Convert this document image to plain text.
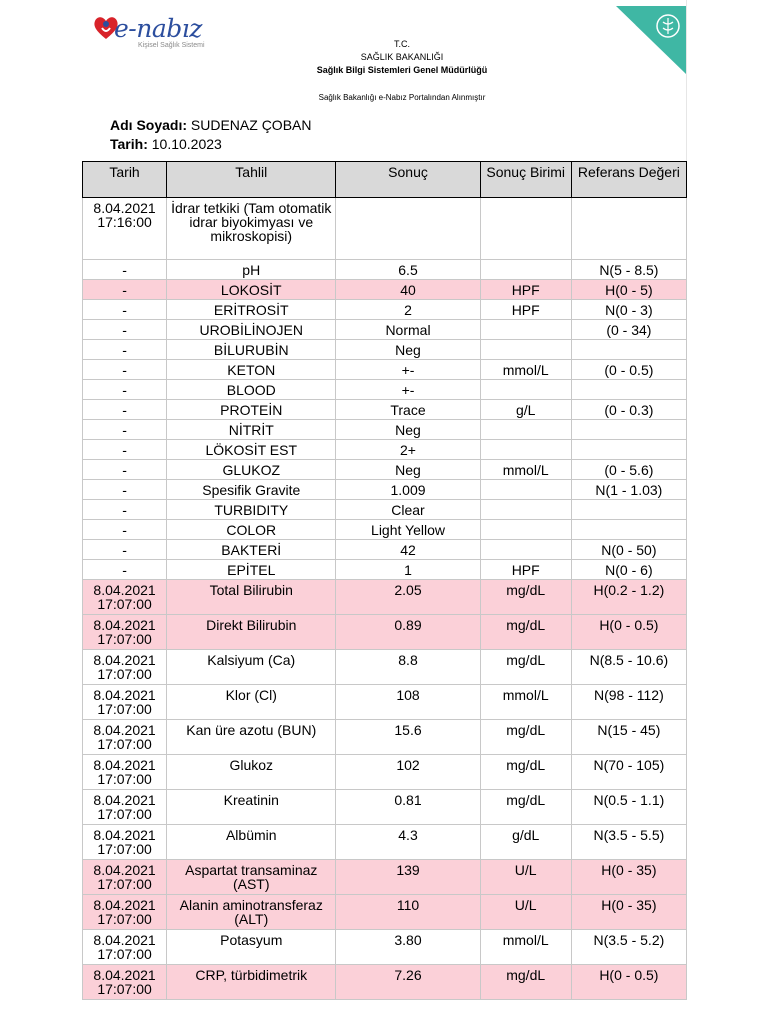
e-nabız
Kişisel Sağlık Sistemi	T.C.
SAĞLIK BAKANLIĞI
Sağlık Bilgi Sistemleri Genel Müdürlüğü
Sağlık Bakanlığı e-Nabız Portalından Alınmıştır
Adı Soyadı: SUDENAZ ÇOBAN
Tarih: 10.10.2023
Tarih	Tahlil	Sonuç	Sonuç Birimi	Referans Değeri
8.04.2021 17:16:00	İdrar tetkiki (Tam otomatik idrar biyokimyası ve mikroskopisi)			
-	pH	6.5		N(5 - 8.5)
-	LOKOSİT	40	HPF	H(0 - 5)
-	ERİTROSİT	2	HPF	N(0 - 3)
-	UROBİLİNOJEN	Normal		(0 - 34)
-	BİLURUBİN	Neg		
-	KETON	+-	mmol/L	(0 - 0.5)
-	BLOOD	+-		
-	PROTEİN	Trace	g/L	(0 - 0.3)
-	NİTRİT	Neg		
-	LÖKOSİT EST	2+		
-	GLUKOZ	Neg	mmol/L	(0 - 5.6)
-	Spesifik Gravite	1.009		N(1 - 1.03)
-	TURBIDITY	Clear		
-	COLOR	Light Yellow		
-	BAKTERİ	42		N(0 - 50)
-	EPİTEL	1	HPF	N(0 - 6)
8.04.2021 17:07:00	Total Bilirubin	2.05	mg/dL	H(0.2 - 1.2)
8.04.2021 17:07:00	Direkt Bilirubin	0.89	mg/dL	H(0 - 0.5)
8.04.2021 17:07:00	Kalsiyum (Ca)	8.8	mg/dL	N(8.5 - 10.6)
8.04.2021 17:07:00	Klor (Cl)	108	mmol/L	N(98 - 112)
8.04.2021 17:07:00	Kan üre azotu (BUN)	15.6	mg/dL	N(15 - 45)
8.04.2021 17:07:00	Glukoz	102	mg/dL	N(70 - 105)
8.04.2021 17:07:00	Kreatinin	0.81	mg/dL	N(0.5 - 1.1)
8.04.2021 17:07:00	Albümin	4.3	g/dL	N(3.5 - 5.5)
8.04.2021 17:07:00	Aspartat transaminaz (AST)	139	U/L	H(0 - 35)
8.04.2021 17:07:00	Alanin aminotransferaz (ALT)	110	U/L	H(0 - 35)
8.04.2021 17:07:00	Potasyum	3.80	mmol/L	N(3.5 - 5.2)
8.04.2021 17:07:00	CRP, türbidimetrik	7.26	mg/dL	H(0 - 0.5)
